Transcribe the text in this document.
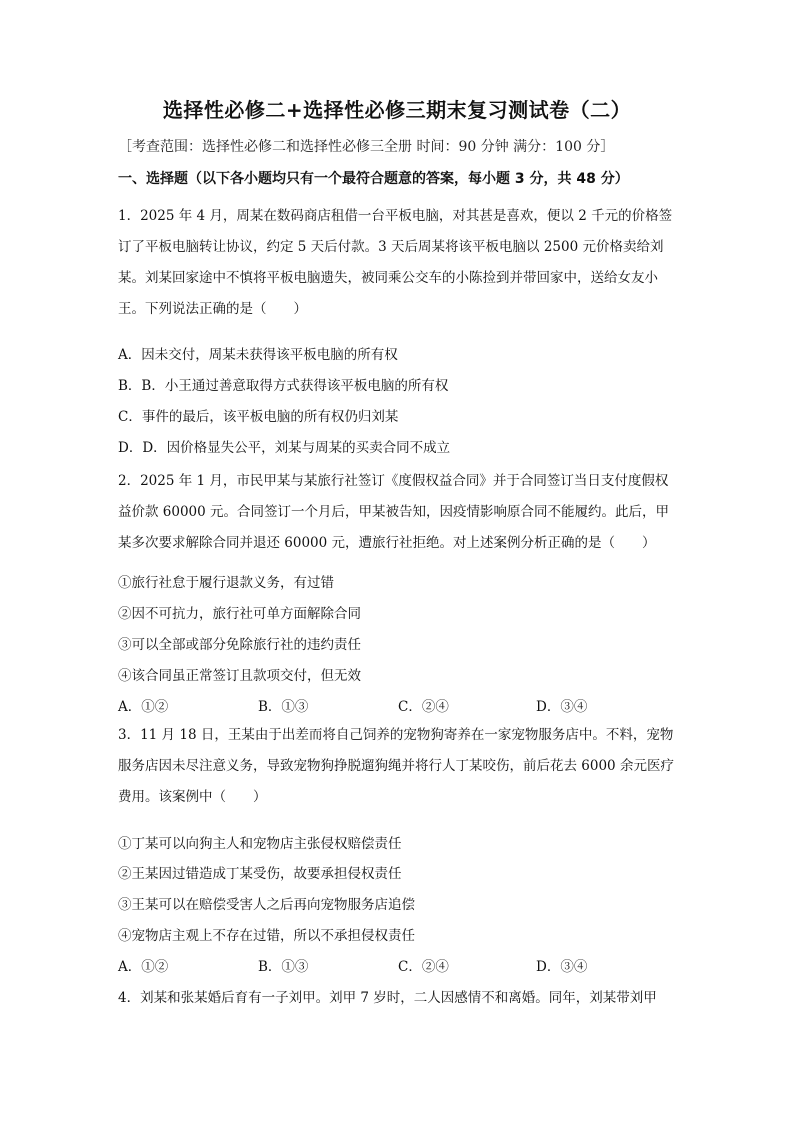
选择性必修二+选择性必修三期末复习测试卷（二）
［考查范围：选择性必修二和选择性必修三全册 时间：90 分钟 满分：100 分］
一、选择题（以下各小题均只有一个最符合题意的答案，每小题 3 分，共 48 分）
1．2025 年 4 月，周某在数码商店租借一台平板电脑，对其甚是喜欢，便以 2 千元的价格签订了平板电脑转让协议，约定 5 天后付款。3 天后周某将该平板电脑以 2500 元价格卖给刘某。刘某回家途中不慎将平板电脑遗失，被同乘公交车的小陈捡到并带回家中，送给女友小王。下列说法正确的是（　　）
A．因未交付，周某未获得该平板电脑的所有权
B．B．小王通过善意取得方式获得该平板电脑的所有权
C．事件的最后，该平板电脑的所有权仍归刘某
D．D．因价格显失公平，刘某与周某的买卖合同不成立
2．2025 年 1 月，市民甲某与某旅行社签订《度假权益合同》并于合同签订当日支付度假权益价款 60000 元。合同签订一个月后，甲某被告知，因疫情影响原合同不能履约。此后，甲某多次要求解除合同并退还 60000 元，遭旅行社拒绝。对上述案例分析正确的是（　　）
①旅行社怠于履行退款义务，有过错
②因不可抗力，旅行社可单方面解除合同
③可以全部或部分免除旅行社的违约责任
④该合同虽正常签订且款项交付，但无效
A．①②	B．①③	C．②④	D．③④
3．11 月 18 日，王某由于出差而将自己饲养的宠物狗寄养在一家宠物服务店中。不料，宠物服务店因未尽注意义务，导致宠物狗挣脱遛狗绳并将行人丁某咬伤，前后花去 6000 余元医疗费用。该案例中（　　）
①丁某可以向狗主人和宠物店主张侵权赔偿责任
②王某因过错造成丁某受伤，故要承担侵权责任
③王某可以在赔偿受害人之后再向宠物服务店追偿
④宠物店主观上不存在过错，所以不承担侵权责任
A．①②	B．①③	C．②④	D．③④
4．刘某和张某婚后育有一子刘甲。刘甲 7 岁时，二人因感情不和离婚。同年，刘某带刘甲
